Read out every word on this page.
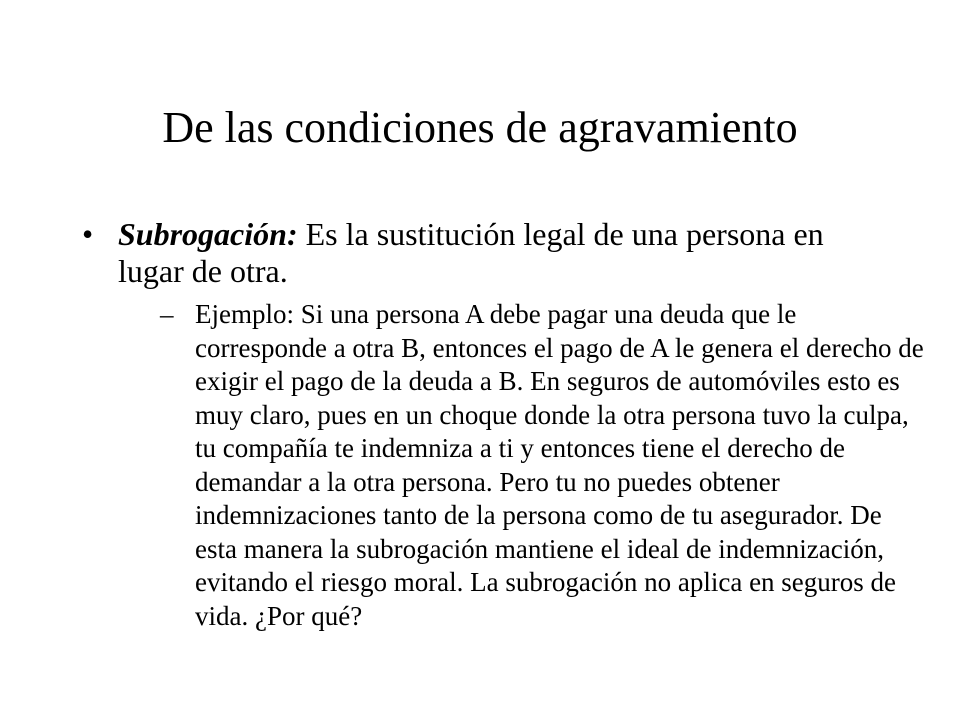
De las condiciones de agravamiento

• Subrogación: Es la sustitución legal de una persona en lugar de otra.

– Ejemplo: Si una persona A debe pagar una deuda que le corresponde a otra B, entonces el pago de A le genera el derecho de exigir el pago de la deuda a B. En seguros de automóviles esto es muy claro, pues en un choque donde la otra persona tuvo la culpa, tu compañía te indemniza a ti y entonces tiene el derecho de demandar a la otra persona. Pero tu no puedes obtener indemnizaciones tanto de la persona como de tu asegurador. De esta manera la subrogación mantiene el ideal de indemnización, evitando el riesgo moral. La subrogación no aplica en seguros de vida. ¿Por qué?
